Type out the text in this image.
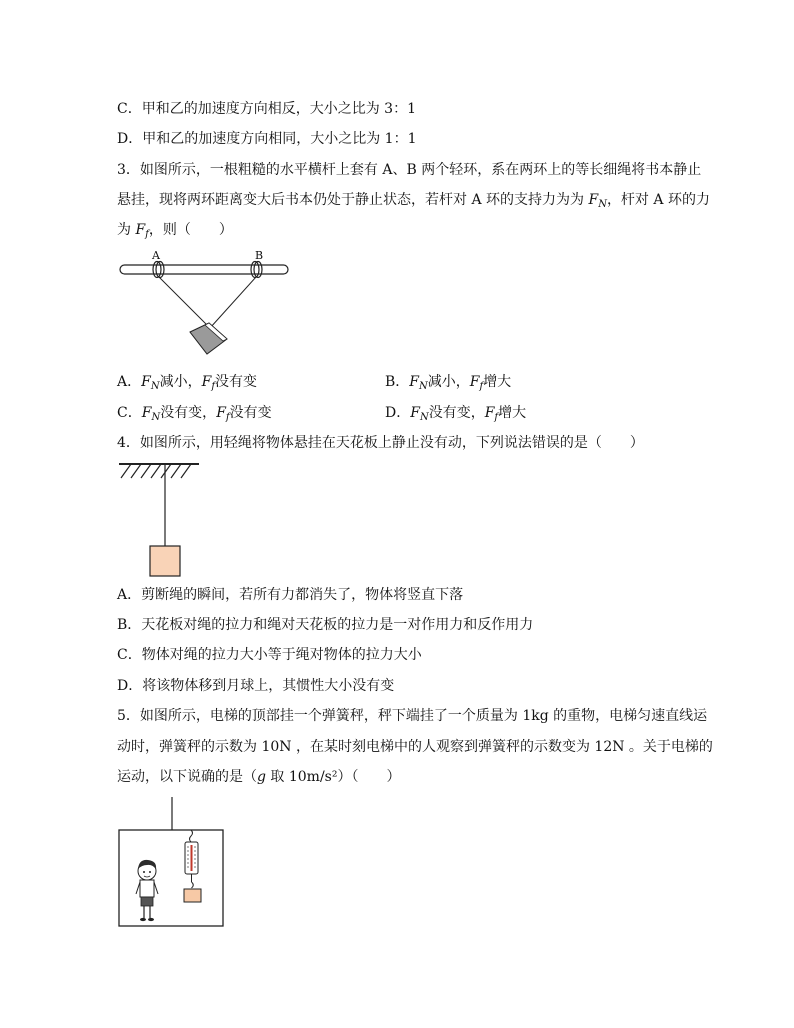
C．甲和乙的加速度方向相反，大小之比为 3：1
D．甲和乙的加速度方向相同，大小之比为 1：1
3．如图所示，一根粗糙的水平横杆上套有 A、B 两个轻环，系在两环上的等长细绳将书本静止
悬挂，现将两环距离变大后书本仍处于静止状态，若杆对 A 环的支持力为为 $F_N$，杆对 A 环的力
为 $F_f$，则（　　）
A	B
A．$F_N$减小，$F_f$没有变	B．$F_N$减小，$F_f$增大
C．$F_N$没有变，$F_f$没有变	D．$F_N$没有变，$F_f$增大
4．如图所示，用轻绳将物体悬挂在天花板上静止没有动，下列说法错误的是（　　）
A．剪断绳的瞬间，若所有力都消失了，物体将竖直下落
B．天花板对绳的拉力和绳对天花板的拉力是一对作用力和反作用力
C．物体对绳的拉力大小等于绳对物体的拉力大小
D．将该物体移到月球上，其惯性大小没有变
5．如图所示，电梯的顶部挂一个弹簧秤，秤下端挂了一个质量为 1kg 的重物，电梯匀速直线运
动时，弹簧秤的示数为 10N ，在某时刻电梯中的人观察到弹簧秤的示数变为 12N 。关于电梯的
运动，以下说确的是（g 取 10m/s²）（　　）
